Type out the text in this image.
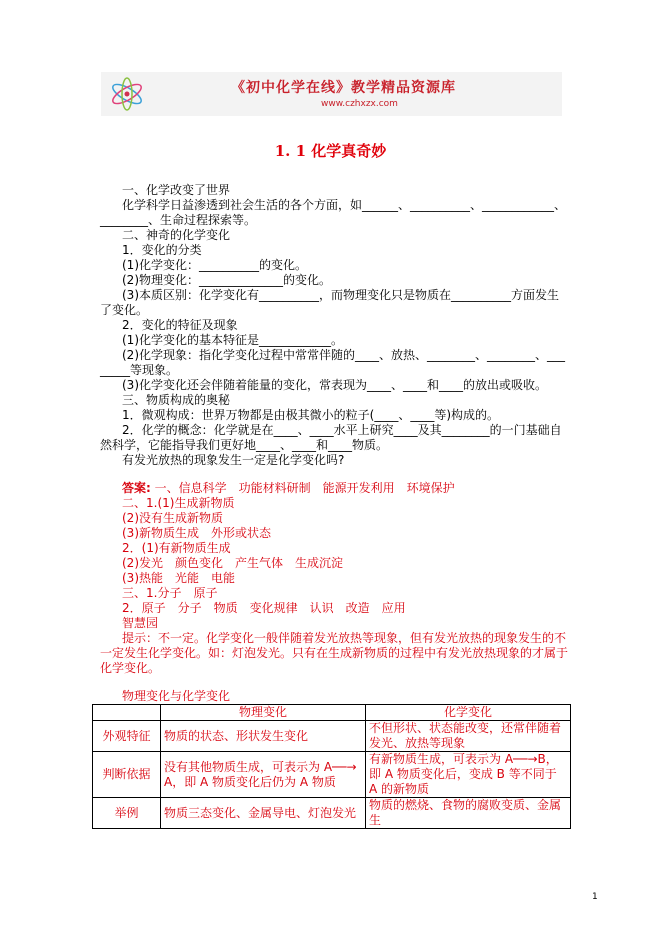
《初中化学在线》教学精品资源库
www.czhxzx.com
1. 1 化学真奇妙
一、化学改变了世界
化学科学日益渗透到社会生活的各个方面，如______、__________、____________、________、生命过程探索等。
二、神奇的化学变化
1．变化的分类
(1)化学变化：__________的变化。
(2)物理变化：______________的变化。
(3)本质区别：化学变化有__________，而物理变化只是物质在__________方面发生了变化。
2．变化的特征及现象
(1)化学变化的基本特征是____________。
(2)化学现象：指化学变化过程中常常伴随的____、放热、________、________、________等现象。
(3)化学变化还会伴随着能量的变化，常表现为____、____和____的放出或吸收。
三、物质构成的奥秘
1．微观构成：世界万物都是由极其微小的粒子(____、____等)构成的。
2．化学的概念：化学就是在____、____水平上研究____及其________的一门基础自然科学，它能指导我们更好地____、____和____物质。
有发光放热的现象发生一定是化学变化吗?
答案: 一、信息科学　功能材料研制　能源开发利用　环境保护
二、1.(1)生成新物质
(2)没有生成新物质
(3)新物质生成　外形或状态
2．(1)有新物质生成
(2)发光　颜色变化　产生气体　生成沉淀
(3)热能　光能　电能
三、1.分子　原子
2．原子　分子　物质　变化规律　认识　改造　应用
智慧园
提示：不一定。化学变化一般伴随着发光放热等现象，但有发光放热的现象发生的不一定发生化学变化。如：灯泡发光。只有在生成新物质的过程中有发光放热现象的才属于化学变化。
物理变化与化学变化
	物理变化	化学变化
外观特征	物质的状态、形状发生变化	不但形状、状态能改变，还常伴随着发光、放热等现象
判断依据	没有其他物质生成，可表示为 A──→A，即 A 物质变化后仍为 A 物质	有新物质生成，可表示为 A──→B，即 A 物质变化后，变成 B 等不同于 A 的新物质
举例	物质三态变化、金属导电、灯泡发光	物质的燃烧、食物的腐败变质、金属生
1
